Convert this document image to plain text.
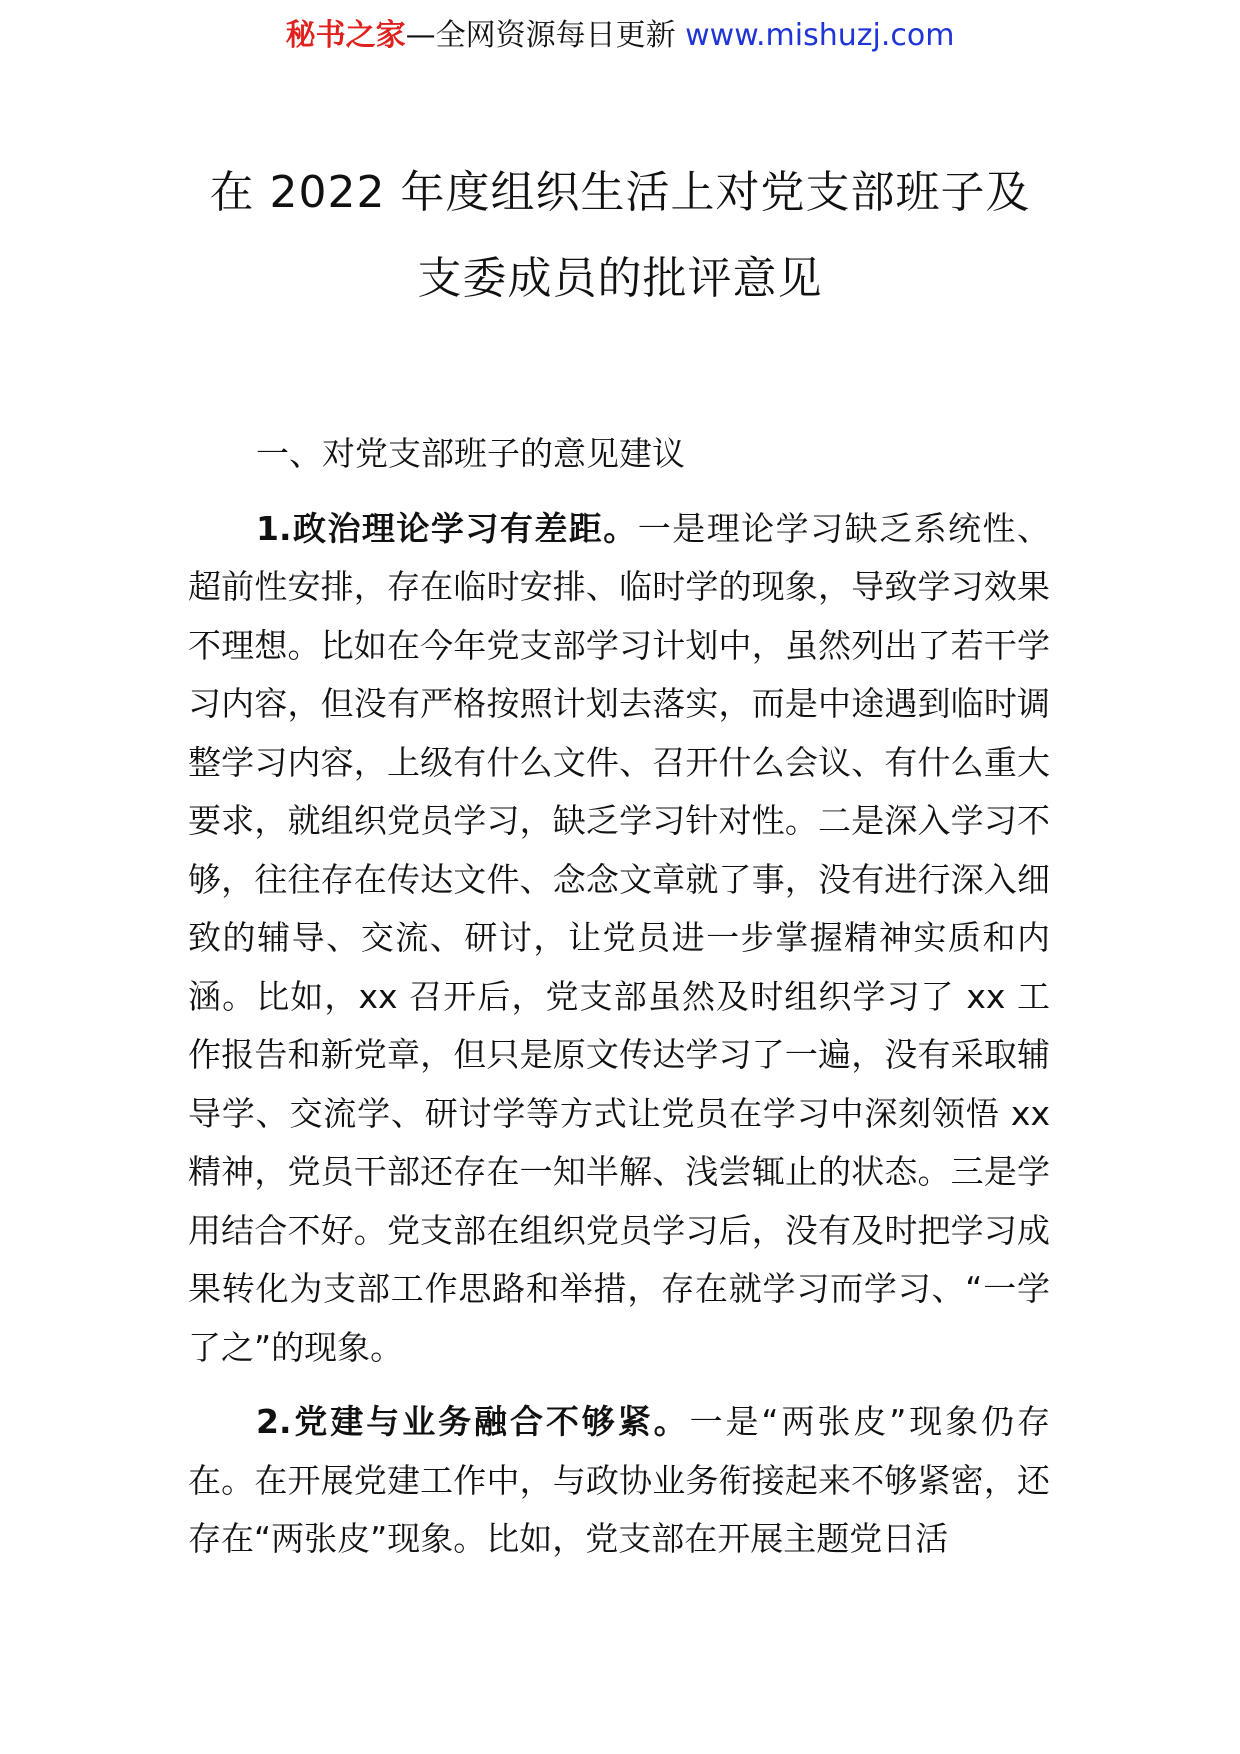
秘书之家—全网资源每日更新 www.mishuzj.com
在 2022 年度组织生活上对党支部班子及
支委成员的批评意见
一、对党支部班子的意见建议
1.政治理论学习有差距。一是理论学习缺乏系统性、超前性安排，存在临时安排、临时学的现象，导致学习效果不理想。比如在今年党支部学习计划中，虽然列出了若干学习内容，但没有严格按照计划去落实，而是中途遇到临时调整学习内容，上级有什么文件、召开什么会议、有什么重大要求，就组织党员学习，缺乏学习针对性。二是深入学习不够，往往存在传达文件、念念文章就了事，没有进行深入细致的辅导、交流、研讨，让党员进一步掌握精神实质和内涵。比如，xx 召开后，党支部虽然及时组织学习了 xx 工作报告和新党章，但只是原文传达学习了一遍，没有采取辅导学、交流学、研讨学等方式让党员在学习中深刻领悟 xx 精神，党员干部还存在一知半解、浅尝辄止的状态。三是学用结合不好。党支部在组织党员学习后，没有及时把学习成果转化为支部工作思路和举措，存在就学习而学习、“一学了之”的现象。
2.党建与业务融合不够紧。一是“两张皮”现象仍存在。在开展党建工作中，与政协业务衔接起来不够紧密，还存在“两张皮”现象。比如，党支部在开展主题党日活
